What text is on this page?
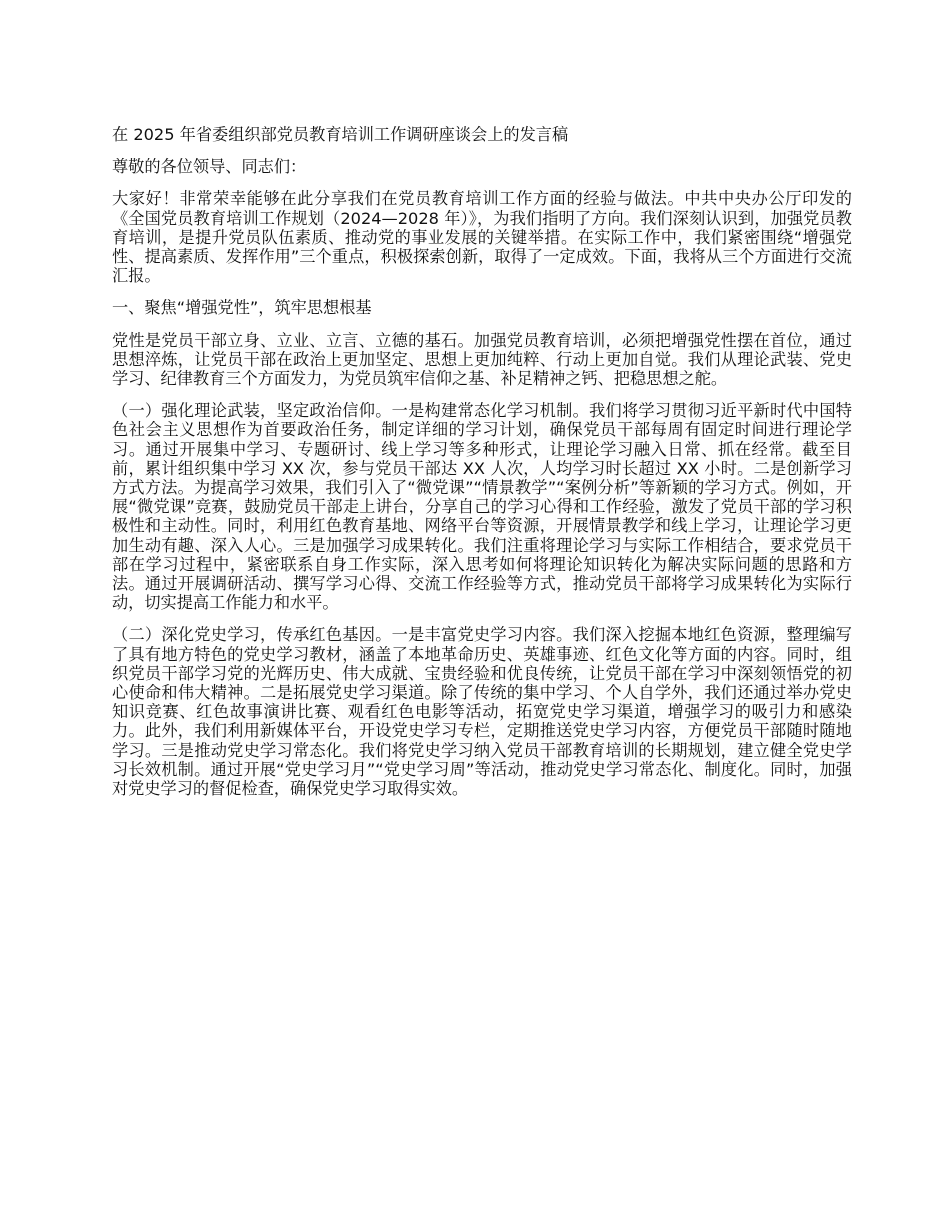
在 2025 年省委组织部党员教育培训工作调研座谈会上的发言稿

尊敬的各位领导、同志们：

大家好！非常荣幸能够在此分享我们在党员教育培训工作方面的经验与做法。中共中央办公厅印发的《全国党员教育培训工作规划（2024—2028 年）》，为我们指明了方向。我们深刻认识到，加强党员教育培训，是提升党员队伍素质、推动党的事业发展的关键举措。在实际工作中，我们紧密围绕“增强党性、提高素质、发挥作用”三个重点，积极探索创新，取得了一定成效。下面，我将从三个方面进行交流汇报。

一、聚焦“增强党性”，筑牢思想根基

党性是党员干部立身、立业、立言、立德的基石。加强党员教育培训，必须把增强党性摆在首位，通过思想淬炼，让党员干部在政治上更加坚定、思想上更加纯粹、行动上更加自觉。我们从理论武装、党史学习、纪律教育三个方面发力，为党员筑牢信仰之基、补足精神之钙、把稳思想之舵。

（一）强化理论武装，坚定政治信仰。一是构建常态化学习机制。我们将学习贯彻习近平新时代中国特色社会主义思想作为首要政治任务，制定详细的学习计划，确保党员干部每周有固定时间进行理论学习。通过开展集中学习、专题研讨、线上学习等多种形式，让理论学习融入日常、抓在经常。截至目前，累计组织集中学习 XX 次，参与党员干部达 XX 人次，人均学习时长超过 XX 小时。二是创新学习方式方法。为提高学习效果，我们引入了“微党课”“情景教学”“案例分析”等新颖的学习方式。例如，开展“微党课”竞赛，鼓励党员干部走上讲台，分享自己的学习心得和工作经验，激发了党员干部的学习积极性和主动性。同时，利用红色教育基地、网络平台等资源，开展情景教学和线上学习，让理论学习更加生动有趣、深入人心。三是加强学习成果转化。我们注重将理论学习与实际工作相结合，要求党员干部在学习过程中，紧密联系自身工作实际，深入思考如何将理论知识转化为解决实际问题的思路和方法。通过开展调研活动、撰写学习心得、交流工作经验等方式，推动党员干部将学习成果转化为实际行动，切实提高工作能力和水平。

（二）深化党史学习，传承红色基因。一是丰富党史学习内容。我们深入挖掘本地红色资源，整理编写了具有地方特色的党史学习教材，涵盖了本地革命历史、英雄事迹、红色文化等方面的内容。同时，组织党员干部学习党的光辉历史、伟大成就、宝贵经验和优良传统，让党员干部在学习中深刻领悟党的初心使命和伟大精神。二是拓展党史学习渠道。除了传统的集中学习、个人自学外，我们还通过举办党史知识竞赛、红色故事演讲比赛、观看红色电影等活动，拓宽党史学习渠道，增强学习的吸引力和感染力。此外，我们利用新媒体平台，开设党史学习专栏，定期推送党史学习内容，方便党员干部随时随地学习。三是推动党史学习常态化。我们将党史学习纳入党员干部教育培训的长期规划，建立健全党史学习长效机制。通过开展“党史学习月”“党史学习周”等活动，推动党史学习常态化、制度化。同时，加强对党史学习的督促检查，确保党史学习取得实效。
